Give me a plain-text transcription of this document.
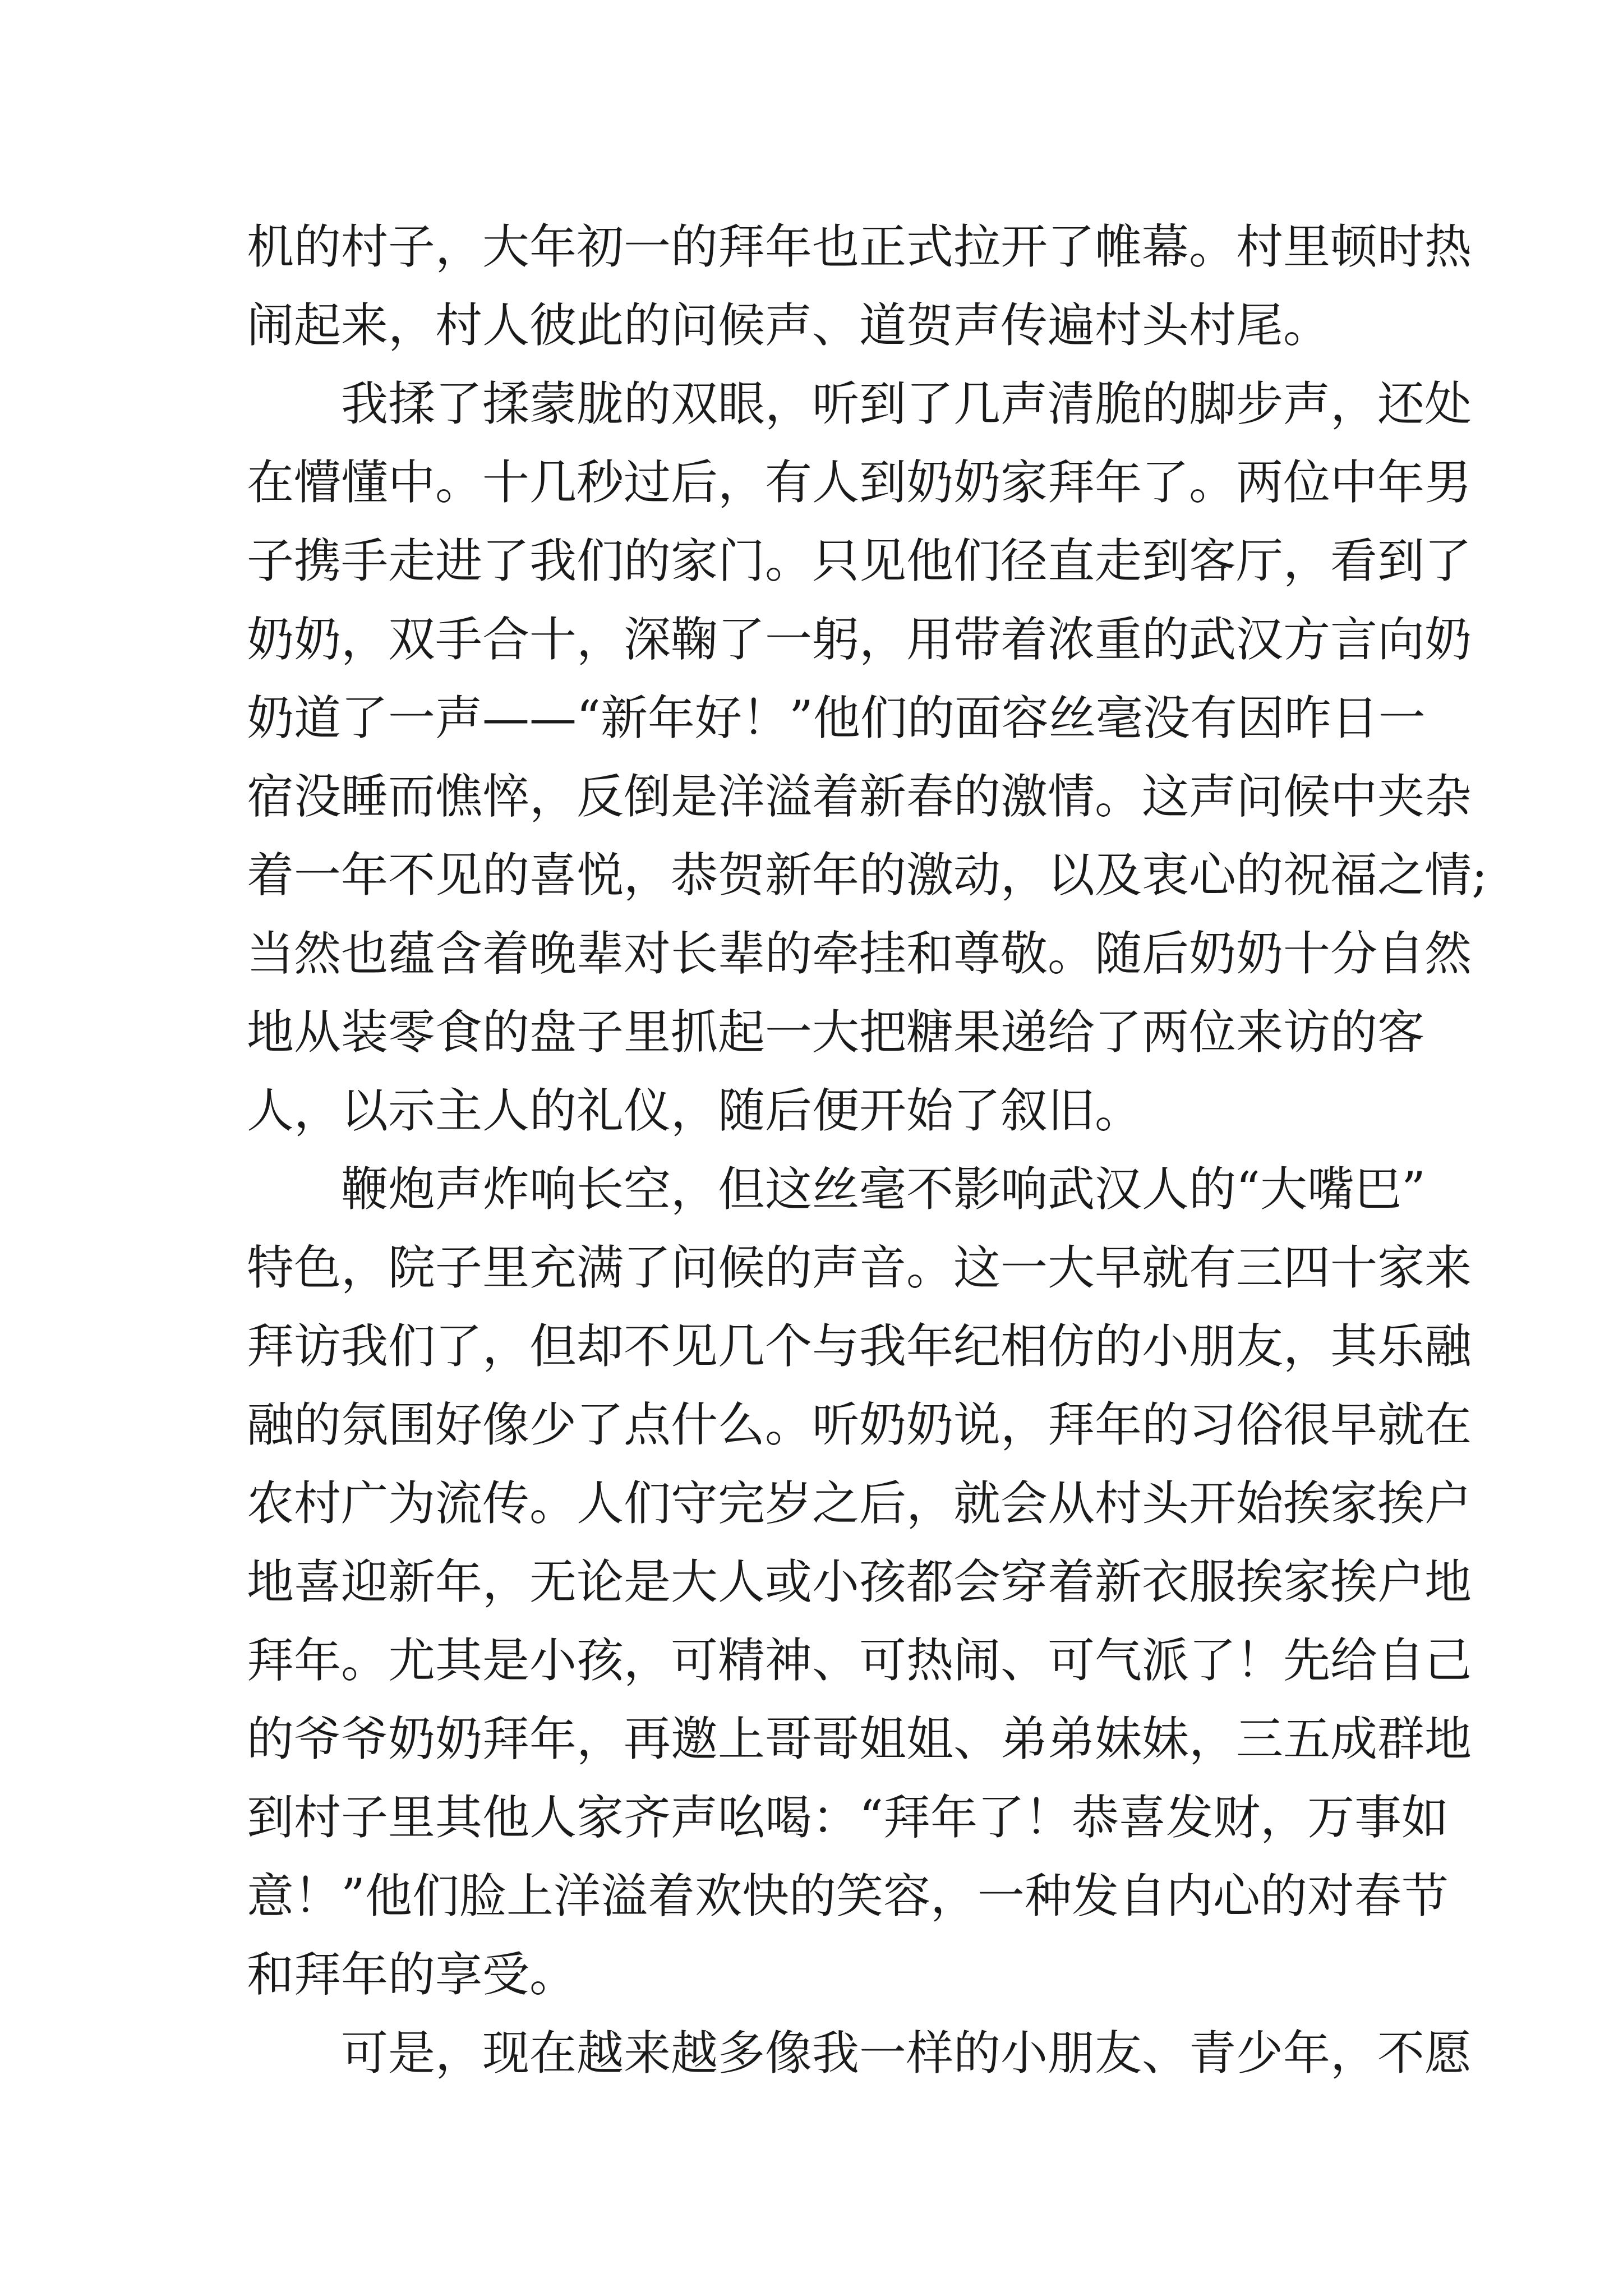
机的村子，大年初一的拜年也正式拉开了帷幕。村里顿时热
闹起来，村人彼此的问候声、道贺声传遍村头村尾。
我揉了揉蒙胧的双眼，听到了几声清脆的脚步声，还处
在懵懂中。十几秒过后，有人到奶奶家拜年了。两位中年男
子携手走进了我们的家门。只见他们径直走到客厅，看到了
奶奶，双手合十，深鞠了一躬，用带着浓重的武汉方言向奶
奶道了一声——“新年好！”他们的面容丝毫没有因昨日一
宿没睡而憔悴，反倒是洋溢着新春的激情。这声问候中夹杂
着一年不见的喜悦，恭贺新年的激动，以及衷心的祝福之情;
当然也蕴含着晚辈对长辈的牵挂和尊敬。随后奶奶十分自然
地从装零食的盘子里抓起一大把糖果递给了两位来访的客
人，以示主人的礼仪，随后便开始了叙旧。
鞭炮声炸响长空，但这丝毫不影响武汉人的“大嘴巴”
特色，院子里充满了问候的声音。这一大早就有三四十家来
拜访我们了，但却不见几个与我年纪相仿的小朋友，其乐融
融的氛围好像少了点什么。听奶奶说，拜年的习俗很早就在
农村广为流传。人们守完岁之后，就会从村头开始挨家挨户
地喜迎新年，无论是大人或小孩都会穿着新衣服挨家挨户地
拜年。尤其是小孩，可精神、可热闹、可气派了！先给自己
的爷爷奶奶拜年，再邀上哥哥姐姐、弟弟妹妹，三五成群地
到村子里其他人家齐声吆喝：“拜年了！恭喜发财，万事如
意！”他们脸上洋溢着欢快的笑容，一种发自内心的对春节
和拜年的享受。
可是，现在越来越多像我一样的小朋友、青少年，不愿
